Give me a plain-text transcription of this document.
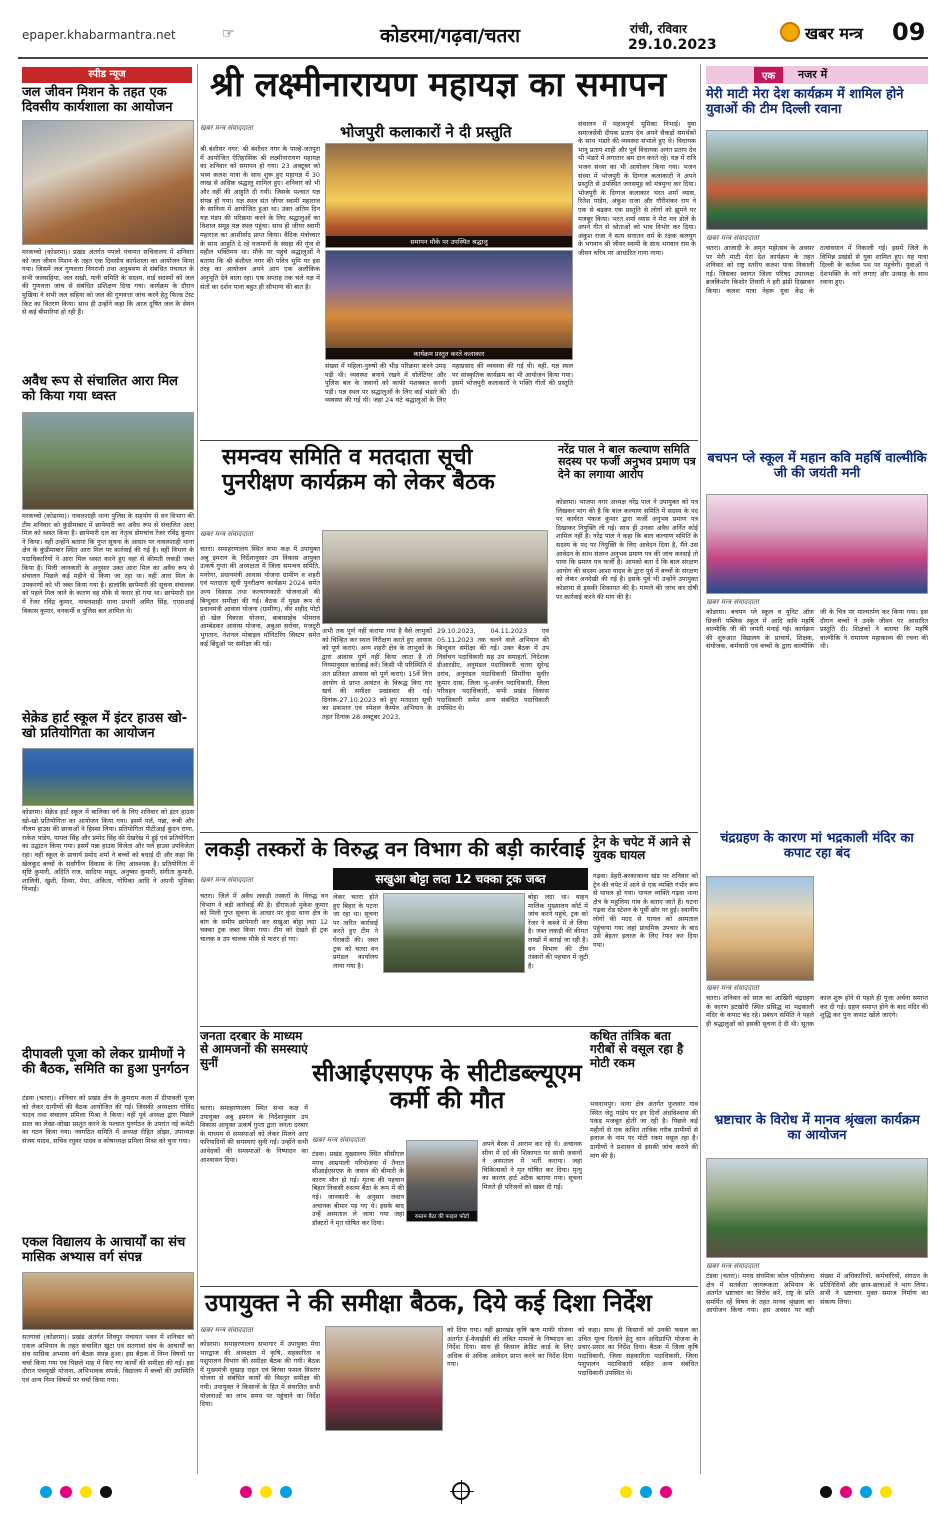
epaper.khabarmantra.net	☞	कोडरमा/गढ़वा/चतरा	रांची, रविवार
29.10.2023
खबर मन्त्र 09
स्पीड न्यूज
जल जीवन मिशन के तहत एक दिवसीय कार्यशाला का आयोजन
मरकच्चो (कोडरमा)। प्रखंड अंतर्गत पपलो पंचायत सचिवालय में शनिवार को जल जीवन मिशन के तहत एक दिवसीय कार्यशाला का आयोजन किया गया। जिसमें जल गुणवत्ता निगरानी तथा अनुश्रवण से संबंधित पंचायत के सभी जलसहिया, जल सखी, पानी समिति के सदस्य, वार्ड सदस्यों को जल की गुणवत्ता जांच से संबंधित प्रशिक्षण दिया गया। कार्यक्रम के दौरान मुखिया ने सभी जल सहिया को जल की गुणवत्ता जांच करने हेतु फिल्ड टेस्ट किट का वितरण किया। साथ ही उन्होंने कहा कि आज दूषित जल के सेवन से कई बीमारियां हो रही हैं।
अवैध रूप से संचालित आरा मिल को किया गया ध्वस्त
मरकच्चो (कोडरमा)। नावलशाही थाना पुलिस के सहयोग से वन विभाग की टीम शनिवार को कुंडीमाबार में छापेमारी कर अवैध रूप से संचालित आरा मिल को ध्वस्त किया है। छापेमारी दल का नेतृत्व डोमचांच रेंजर रविंद्र कुमार ने किया। वहीं उन्होंने बताया कि गुप्त सूचना के आधार पर नावलशाही थाना क्षेत्र के कुंडीमाबार स्थित आरा मिल पर कार्रवाई की गई है। वहीं विभाग के पदाधिकारियों ने आरा मिल ध्वस्त करने हुए वहां से कीमती लकड़ी जब्त किया है। मिली जानकारी के अनुसार उक्त आरा मिल का अवैध रूप से संचालन पिछले कई महीने से किया जा रहा था। वहीं आरा मिल के उपकरणों को भी जब्त किया गया है। हालांकि छापेमारी की सूचना संचालक को पहले मिल जाने के कारण वह मौके से फरार हो गया था। छापेमारी दल में रेंजर रविंद्र कुमार, नावलशाही थाना प्रभारी अमित सिंह, एएसआई विकास कुमार, वनकर्मी व पुलिस बल शामिल थे।
सेक्रेड हार्ट स्कूल में इंटर हाउस खो-खो प्रतियोगिता का आयोजन
कोडरमा। सेक्रेड हार्ट स्कूल में बालिका वर्ग के लिए शनिवार को इंटर हाउस खो-खो प्रतियोगिता का आयोजन किया गया। इसमें पर्ल, पन्ना, रूबी और नीलम हाउस की छात्राओं ने हिस्सा लिया। प्रतियोगिता पीटीआई कुंदन राणा, राकेश पांडेय, पायल सिंह और प्रमोद सिंह की देखरेख में हुई एवं प्रतियोगिता का उद्घाटन किया गया। इसमें पन्ना हाउस विजेता और पर्ल हाउस उपविजेता रहा। वहीं स्कूल के प्राचार्य प्रमोद शर्मा ने बच्चों को बधाई दी और कहा कि खेलकूद बच्चों के सर्वांगीण विकास के लिए आवश्यक है। प्रतियोगिता में सृष्टि कुमारी, अदिति राज, सादिया मसूद, अनुष्का कुमारी, संगीता कुमारी, शालिनी, खुशी, दिव्या, मेघा, अंकिता, गोपिका आदि ने अपनी भूमिका निभाई।
दीपावली पूजा को लेकर ग्रामीणों ने की बैठक, समिति का हुआ पुनर्गठन
टंडवा (चतरा)। शनिवार को प्रखंड क्षेत्र के कुमराम कला में दीपावली पूजा को लेकर ग्रामीणों की बैठक आयोजित की गई। जिसकी अध्यक्षता गोविंद यादव तथा संचालन प्रमिला मिश्रा ने किया। वहीं पूर्व अध्यक्ष द्वारा पिछले साल का लेखा-जोखा प्रस्तुत करने के पश्चात पुनर्गठन के उपरांत नई कमेटी का गठन किया गया। नवगठित समिति में अध्यक्ष रोहित ओझा, उपाध्यक्ष संजय यादव, सचिव रघुवर यादव व कोषाध्यक्ष प्रमिला मिश्रा को चुना गया।
एकल विद्यालय के आचार्यों का संच मासिक अभ्यास वर्ग संपन्न
सतगावां (कोडरमा)। प्रखंड अंतर्गत शिवपुर पंचायत भवन में शनिवार को एकल अभियान के तहत संचालित खुटा एवं सतगावां संच के आचार्यों का संच मासिक अभ्यास वर्ग बैठक संपन्न हुआ। इस बैठक में निम्न विषयों पर चर्चा किया गया एवं पिछले माह में किए गए कार्यों की समीक्षा की गई। इस दौरान पंचमुखी योजना, अभिभावक संपर्क, विद्यालय में बच्चों की उपस्थिति एवं अन्य निम्न विषयों पर चर्चा किया गया।
श्री लक्ष्मीनारायण महायज्ञ का समापन
खबर मन्त्र संवाददाता	भोजपुरी कलाकारों ने दी प्रस्तुति
श्री बंशीधर नगर: श्री बंशीधर नगर के पाल्हे-जतपुरा में आयोजित ऐतिहासिक श्री लक्ष्मीनारायण महायज्ञ का शनिवार को समापन हो गया। 23 अक्टूबर को भव्य कलश यात्रा के साथ शुरू हुए महायज्ञ में 30 लाख से अधिक श्रद्धालु शामिल हुए। शनिवार को भी और वहीं की आहुति दी गयी। जिसके पश्चात यज्ञ संपन्न हो गया। यज्ञ स्थल संत जीयर स्वामी महाराज के सानिध्य में आयोजित हुआ था। उक्त अंतिम दिन यज्ञ मंडप की परिक्रमा करने के लिए श्रद्धालुओं का विशाल समूह यज्ञ स्थल पहुंचा। साथ ही जीयर स्वामी महाराज का आशीर्वाद प्राप्त किया। वैदिक मंत्रोच्चार के साथ आहुति दे रहे यजमानों के स्वाहा की गूंज से महौल भक्तिमय था। मौके पर पहुंचे श्रद्धालुओं ने बताया कि श्री बंशीधर नगर की पवित्र भूमि पर इस तरह का आयोजन अपने आप एक अलौकिक अनुभूति देने वाला रहा। एक सप्ताह तक चले यज्ञ में संतों का दर्शन पाना बहुत ही सौभाग्य की बात है।
समापन मौके पर उपस्थित श्रद्धालु
कार्यक्रम प्रस्तुत करते कलाकार
संख्या में महिला-पुरुषों की भीड़ परिक्रमा करने उमड़ पड़ी थी। व्यवस्था बनाये रखने में वॉलेंटियर और पुलिस बल के जवानों को काफी मशक्कत करनी पड़ी। यज्ञ स्थल पर श्रद्धालुओं के लिए कई भंडारे की व्यवस्था की गई थी। जहां 24 घंटे श्रद्धालुओं के लिए महाप्रसाद की व्यवस्था की गई थी। वहीं, यज्ञ स्थल पर सांस्कृतिक कार्यक्रम का भी आयोजन किया गया। इसमें भोजपुरी कलाकारों ने भक्ति गीतों की प्रस्तुति दी।
संचालन में महत्वपूर्ण भूमिका निभाई। युवा समाजसेवी दीपक प्रताप देव अपने सैकड़ों समर्थकों के साथ भंडारे की व्यवस्था संभाले हुए थे। विधायक भानु प्रताप शाही और पूर्व विधायक अनंत प्रताप देव भी भंडारे में लगातार श्रम दान करते रहे। यज्ञ में रात्रि भजन संध्या का भी आयोजन किया गया। भजन संध्या में भोजपुरी के दिग्गज कलाकारों ने अपने प्रस्तुति से उपस्थित जनसमूह को मंत्रमुग्ध कर दिया। भोजपुरी के दिग्गज कलाकार भरत शर्मा व्यास, रितेश पांडेय, अंकुश राजा और गौरीशंकर राय ने एक से बढ़कर एक प्रस्तुति से लोगों को झूमने पर मजबूर किया। भरत शर्मा व्यास ने मेरा मन डोले के अपने गीत से श्रोताओं को भाव विभोर कर दिया। अंकुश राजा ने सत्य सनातन धर्म के रक्षक कलयुग के भगवान श्री जीयर स्वामी के साथ भगवान राम के जीवन चरित्र पर आधारित गाना गाया।
समन्वय समिति व मतदाता सूची पुनरीक्षण कार्यक्रम को लेकर बैठक
खबर मन्त्र संवाददाता
चतरा। समाहरणालय स्थित सभा कक्ष में उपायुक्त अबु इमरान के निर्देशानुसार उप विकास आयुक्त उत्कर्ष गुप्ता की अध्यक्षता में जिला समन्वय समिति, मनरेगा, प्रधानमंत्री आवास योजना ग्रामीण व शहरी एवं मतदाता सूची पुनरीक्षण कार्यक्रम 2024 समेत अन्य विकास तथा कल्याणकारी योजनाओं की बिन्दुवार समीक्षा की गई। बैठक में मुख्य रूप से प्रधानमंत्री आवास योजना (ग्रामीण), वीर शहीद पोटो हो खेल विकास योजना, बाबासाहेब भीमराव आम्बेडकर आवास योजना, अबुआ सरोवर, मजदूरी भुगतान, नेशनल मोबाइल मॉनिटरिंग सिस्टम समेत कई बिंदुओं पर समीक्षा की गई।
अभी तक पूर्ण नहीं कराया गया है वैसे लाभुकों को चिन्हित कर स्थल निरीक्षण करते हुए आवास को पूर्ण कराएं। अन्य शहरी क्षेत्र के लाभुकों के द्वारा आवास पूर्ण नहीं किया जाता है तो नियमानुसार कार्रवाई करें। किसी भी परिस्थिति में शत प्रतिशत आवास को पूर्ण कराएं। 15वें वित्त आयोग से प्राप्त आवंटन के विरूद्ध किए गए खर्च की समीक्षा प्रखंडवार की गई। दिनांक-27.10.2023 को हुए मतदाता सूची का प्रकाशन एवं स्पेशल कैम्पेन अभियान के तहत दिनांक 28 अक्टूबर 2023,
29.10.2023, 04.11.2023 एवं 05.11.2023 तक चलने वाले अभियान की बिन्दुवार समीक्षा की गई। उक्त बैठक में उप निर्वाचन पदाधिकारी सह उप समाहर्ता, निदेशक डीआरडीए, अनुमंडल पदाधिकारी चतरा सुरेन्द्र उरांव, अनुमंडल पदाधिकारी सिमरिया सुधीर कुमार दास, जिला भू-अर्जन पदाधिकारी, जिला परिवहन पदाधिकारी, सभी प्रखंड विकास पदाधिकारी समेत अन्य संबंधित पदाधिकारी उपस्थित थे।
नरेंद्र पाल ने बाल कल्याण समिति सदस्य पर फर्जी अनुभव प्रमाण पत्र देने का लगाया आरोप
कोडरमा। भाजपा नगर अध्यक्ष नरेंद्र पाल ने उपायुक्त को पत्र लिखकर मांग की है कि बाल कल्याण समिति में सदस्य के पद पर कार्यरत पंकज कुमार द्वारा फर्जी अनुभव प्रमाण पत्र दिखाकर नियुक्ति ली गई। साथ ही उनका अवैध अर्नित कोई शामिल नहीं है। नरेंद्र पाल ने कहा कि बाल कल्याण समिति के सदस्य के पद पर नियुक्ति के लिए आवेदन दिया है, मैंने उस आवेदन के साथ संलग्न अनुभव प्रमाण पत्र की जांच करवाई तो पाया कि प्रमाण पत्र फर्जी है। आपको बता दें कि बाल संरक्षण आयोग की सदस्य आशा यादव के द्वारा पूर्व में बच्चों के संरक्षण को लेकर अनदेखी की गई है। इसके पूर्व भी उन्होंने उपायुक्त कोडरमा से इसकी शिकायत की है। मामले की जांच कर दोषी पर कार्रवाई करने की मांग की है।
लकड़ी तस्करों के विरुद्ध वन विभाग की बड़ी कार्रवाई
सखुआ बोट्टा लदा 12 चक्का ट्रक जब्त
खबर मन्त्र संवाददाता
चतरा। जिले में अवैध लकड़ी तस्करों के विरुद्ध वन विभाग ने बड़ी कार्रवाई की है। डीएफओ मुकेश कुमार को मिली गुप्त सूचना के आधार पर कुंदा थाना क्षेत्र के बांग के समीप छापेमारी कर सखुआ बोट्टा लदा 12 चक्का ट्रक जब्त किया गया। टीम को देखते ही ट्रक चालक व उप चालक मौके से फरार हो गए।
लेकर चतरा होते हुए बिहार के पटना जा रहा था। सूचना पर त्वरित कार्रवाई करते हुए टीम ने घेराबंदी की। जब्त ट्रक को चतरा वन प्रमंडल कार्यालय लाया गया है।
बोट्टा लदा था। वाहन मालिक मुख्यालय कोर्ट में जांच करने पहुंचे, ट्रक को रेंजर ने कब्जे में ले लिया है। जब्त लकड़ी की कीमत लाखों में बताई जा रही है। वन विभाग की टीम तस्करों की पहचान में जुटी है।
ट्रेन के चपेट में आने से युवक घायल
गढ़वा। डेहरी-बरकाकाना खंड पर शनिवार को ट्रेन की चपेट में आने से एक व्यक्ति गंभीर रूप से घायल हो गया। घायल व्यक्ति गढ़वा थाना क्षेत्र के महुलिया गांव के बताए जाते हैं। घटना गढ़वा रोड स्टेशन के पूर्वी छोर पर हुई। स्थानीय लोगों की मदद से घायल को अस्पताल पहुंचाया गया जहां प्राथमिक उपचार के बाद उसे बेहतर इलाज के लिए रेफर कर दिया गया।
जनता दरबार के माध्यम से आमजनों की समस्याएं सुनीं
चतरा। समाहरणालय स्थित सभा कक्ष में उपायुक्त अबु इमरान के निर्देशानुसार उप विकास आयुक्त उत्कर्ष गुप्ता द्वारा जनता दरबार के माध्यम से समस्याओं को लेकर मिलने आए फरियादियों की समस्याएं सुनी गईं। उन्होंने सभी आवेदकों की समस्याओं के निष्पादन का आश्वासन दिया।
सीआईएसएफ के सीटीडब्ल्यूएम कर्मी की मौत
खबर मन्त्र संवाददाता
टंडवा। प्रखंड मुख्यालय स्थित सीसीएल मगध आम्रपाली परियोजना में तैनात सीआईएसएफ के जवान की बीमारी के कारण मौत हो गई। मृतक की पहचान बिहार निवासी रुस्तम बैठा के रूप में की गई। जानकारी के अनुसार जवान अचानक बीमार पड़ गए थे। इसके बाद उन्हें अस्पताल ले जाया गया जहां डॉक्टरों ने मृत घोषित कर दिया।
रुस्तम बैठा की फाइल फोटो
अपने बैरक में आराम कर रहे थे। अचानक सीना में दर्द की शिकायत पर साथी जवानों ने अस्पताल में भर्ती कराया। जहां चिकित्सकों ने मृत घोषित कर दिया। मृत्यु का कारण हार्ट अटैक बताया गया। सूचना मिलते ही परिजनों को खबर दी गई।
कथित तांत्रिक बता गरीबों से वसूल रहा है मोटी रकम
भवनाथपुर। थाना क्षेत्र अंतर्गत फुलवार गांव स्थित जेठू पांडेय पर इन दिनों अंधविश्वास की पकड़ मजबूत होती जा रही है। पिछले कई महीनों से एक कथित तांत्रिक गरीब ग्रामीणों से इलाज के नाम पर मोटी रकम वसूल रहा है। ग्रामीणों ने प्रशासन से इसकी जांच कराने की मांग की है।
उपायुक्त ने की समीक्षा बैठक, दिये कई दिशा निर्देश
खबर मन्त्र संवाददाता
कोडरमा। समाहरणालय सभागार में उपायुक्त मेघा भारद्वाज की अध्यक्षता में कृषि, सहकारिता व पशुपालन विभाग की समीक्षा बैठक की गयी। बैठक में मुख्यमंत्री सुखाड़ राहत एवं बिरसा फसल विस्तार योजना से संबंधित कार्यों की विस्तृत समीक्षा की गयी। उपायुक्त ने किसानों के हित में संचालित सभी योजनाओं का लाभ समय पर पहुंचाने का निर्देश दिया।
को दिया गया। वहीं झारखंड कृषि ऋण माफी योजना अंतर्गत ई-केवाईसी की लंबित मामलों के निष्पादन का निर्देश दिया। साथ ही किसान क्रेडिट कार्ड के लिए अधिक से अधिक आवेदन प्राप्त करने का निर्देश दिया गया।
को कहा। साथ ही किसानों को उनकी फसल का उचित मूल्य दिलाने हेतु धान अधिप्राप्ति योजना के प्रचार-प्रसार का निर्देश दिया। बैठक में जिला कृषि पदाधिकारी, जिला सहकारिता पदाधिकारी, जिला पशुपालन पदाधिकारी सहित अन्य संबंधित पदाधिकारी उपस्थित थे।
एक	नजर में
मेरी माटी मेरा देश कार्यक्रम में शामिल होने युवाओं की टीम दिल्ली रवाना
खबर मन्त्र संवाददाता
चतरा। आजादी के अमृत महोत्सव के अवसर पर मेरी माटी मेरा देश कार्यक्रम के तहत शनिवार को राष्ट्र स्तरीय कलश यात्रा निकाली गई। जिसका स्वागत जिला परिषद उपाध्यक्ष ब्रजकिशोर किशोर तिवारी ने हरी झंडी दिखाकर किया। कलश यात्रा नेहरू युवा केंद्र के तत्वावधान में निकाली गई। इसमें जिले के विभिन्न प्रखंडों से युवा शामिल हुए। यह यात्रा दिल्ली के कर्तव्य पथ पर पहुंचेगी। युवाओं ने देशभक्ति के नारे लगाए और उत्साह के साथ रवाना हुए।
बचपन प्ले स्कूल में महान कवि महर्षि वाल्मीकि जी की जयंती मनी
खबर मन्त्र संवाददाता
कोडरमा। बचपन प्ले स्कूल व यूनिट ऑफ प्रिजनी पब्लिक स्कूल में आदि कवि महर्षि वाल्मीकि जी की जयंती मनाई गई। कार्यक्रम की शुरुआत विद्यालय के प्राचार्य, शिक्षक, संयोजक, कर्मचारी एवं बच्चों के द्वारा वाल्मीकि जी के चित्र पर माल्यार्पण कर किया गया। इस दौरान बच्चों ने उनके जीवन पर आधारित प्रस्तुति दी। शिक्षकों ने बताया कि महर्षि वाल्मीकि ने रामायण महाकाव्य की रचना की थी।
चंद्रग्रहण के कारण मां भद्रकाली मंदिर का कपाट रहा बंद
खबर मन्त्र संवाददाता
चतरा। शनिवार को साल का आखिरी चंद्रग्रहण के कारण इटखोरी स्थित प्रसिद्ध मां भद्रकाली मंदिर के कपाट बंद रहे। प्रबंधन समिति ने पहले ही श्रद्धालुओं को इसकी सूचना दे दी थी। सूतक काल शुरू होने से पहले ही पूजा अर्चना समाप्त कर दी गई। ग्रहण समाप्त होने के बाद मंदिर की शुद्धि कर पुनः कपाट खोले जाएंगे।
भ्रष्टाचार के विरोध में मानव श्रृंखला कार्यक्रम का आयोजन
खबर मन्त्र संवाददाता
टंडवा (चतरा)। मगध संघमित्रा कोल परियोजना क्षेत्र में सतर्कता जागरूकता अभियान के अंतर्गत भ्रष्टाचार का विरोध करें, राष्ट्र के प्रति समर्पित रहें विषय के तहत मानव श्रृंखला का आयोजन किया गया। इस अवसर पर बड़ी संख्या में अधिकारियों, कर्मचारियों, संगठन के प्रतिनिधियों और छात्र-छात्राओं ने भाग लिया। सभी ने भ्रष्टाचार मुक्त समाज निर्माण का संकल्प लिया।
